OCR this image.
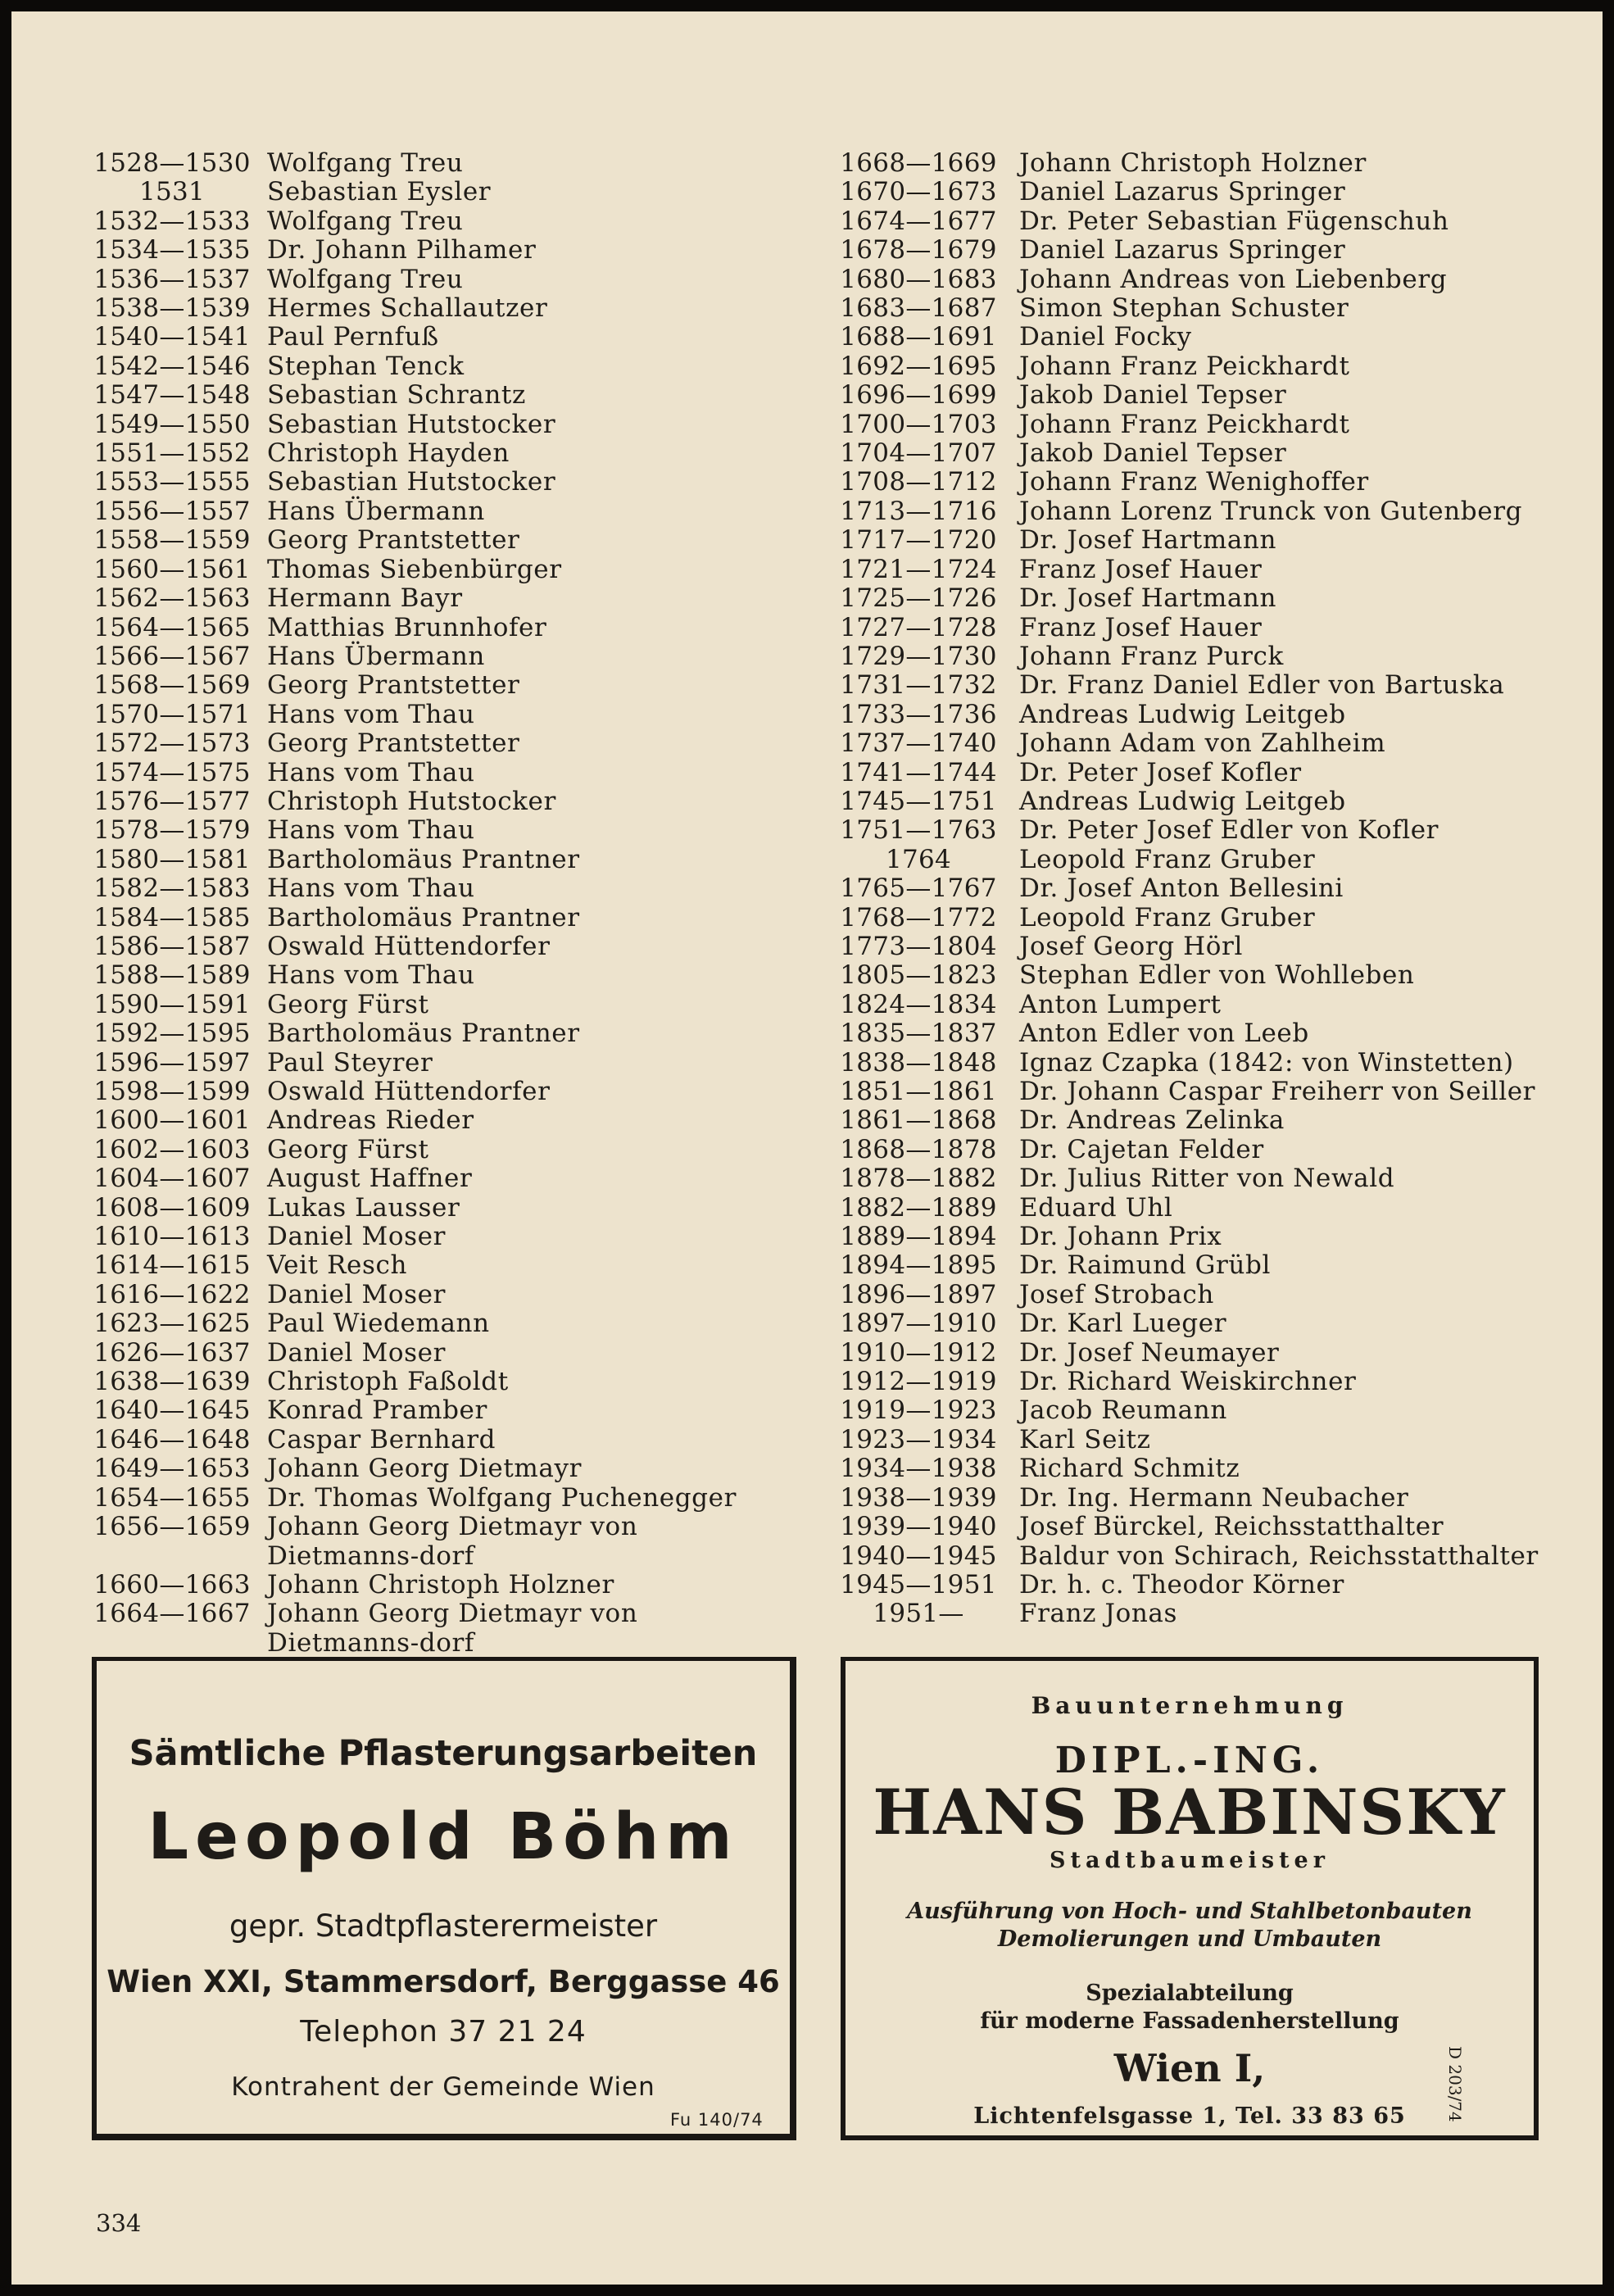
1528—1530 Wolfgang Treu
1531	Sebastian Eysler
1532—1533 Wolfgang Treu
1534—1535 Dr. Johann Pilhamer
1536—1537 Wolfgang Treu
1538—1539 Hermes Schallautzer
1540—1541 Paul Pernfuß
1542—1546 Stephan Tenck
1547—1548 Sebastian Schrantz
1549—1550 Sebastian Hutstocker
1551—1552 Christoph Hayden
1553—1555 Sebastian Hutstocker
1556—1557 Hans Übermann
1558—1559 Georg Prantstetter
1560—1561 Thomas Siebenbürger
1562—1563 Hermann Bayr
1564—1565 Matthias Brunnhofer
1566—1567 Hans Übermann
1568—1569 Georg Prantstetter
1570—1571 Hans vom Thau
1572—1573 Georg Prantstetter
1574—1575 Hans vom Thau
1576—1577 Christoph Hutstocker
1578—1579 Hans vom Thau
1580—1581 Bartholomäus Prantner
1582—1583 Hans vom Thau
1584—1585 Bartholomäus Prantner
1586—1587 Oswald Hüttendorfer
1588—1589 Hans vom Thau
1590—1591 Georg Fürst
1592—1595 Bartholomäus Prantner
1596—1597 Paul Steyrer
1598—1599 Oswald Hüttendorfer
1600—1601 Andreas Rieder
1602—1603 Georg Fürst
1604—1607 August Haffner
1608—1609 Lukas Lausser
1610—1613 Daniel Moser
1614—1615 Veit Resch
1616—1622 Daniel Moser
1623—1625 Paul Wiedemann
1626—1637 Daniel Moser
1638—1639 Christoph Faßoldt
1640—1645 Konrad Pramber
1646—1648 Caspar Bernhard
1649—1653 Johann Georg Dietmayr
1654—1655 Dr. Thomas Wolfgang Puchenegger
1656—1659 Johann Georg Dietmayr von Dietmanns-dorf
1660—1663 Johann Christoph Holzner
1664—1667 Johann Georg Dietmayr von Dietmanns-dorf
1668—1669 Johann Christoph Holzner
1670—1673 Daniel Lazarus Springer
1674—1677 Dr. Peter Sebastian Fügenschuh
1678—1679 Daniel Lazarus Springer
1680—1683 Johann Andreas von Liebenberg
1683—1687 Simon Stephan Schuster
1688—1691 Daniel Focky
1692—1695 Johann Franz Peickhardt
1696—1699 Jakob Daniel Tepser
1700—1703 Johann Franz Peickhardt
1704—1707 Jakob Daniel Tepser
1708—1712 Johann Franz Wenighoffer
1713—1716 Johann Lorenz Trunck von Gutenberg
1717—1720 Dr. Josef Hartmann
1721—1724 Franz Josef Hauer
1725—1726 Dr. Josef Hartmann
1727—1728 Franz Josef Hauer
1729—1730 Johann Franz Purck
1731—1732 Dr. Franz Daniel Edler von Bartuska
1733—1736 Andreas Ludwig Leitgeb
1737—1740 Johann Adam von Zahlheim
1741—1744 Dr. Peter Josef Kofler
1745—1751 Andreas Ludwig Leitgeb
1751—1763 Dr. Peter Josef Edler von Kofler
1764	Leopold Franz Gruber
1765—1767 Dr. Josef Anton Bellesini
1768—1772 Leopold Franz Gruber
1773—1804 Josef Georg Hörl
1805—1823 Stephan Edler von Wohlleben
1824—1834 Anton Lumpert
1835—1837 Anton Edler von Leeb
1838—1848 Ignaz Czapka (1842: von Winstetten)
1851—1861 Dr. Johann Caspar Freiherr von Seiller
1861—1868 Dr. Andreas Zelinka
1868—1878 Dr. Cajetan Felder
1878—1882 Dr. Julius Ritter von Newald
1882—1889 Eduard Uhl
1889—1894 Dr. Johann Prix
1894—1895 Dr. Raimund Grübl
1896—1897 Josef Strobach
1897—1910 Dr. Karl Lueger
1910—1912 Dr. Josef Neumayer
1912—1919 Dr. Richard Weiskirchner
1919—1923 Jacob Reumann
1923—1934 Karl Seitz
1934—1938 Richard Schmitz
1938—1939 Dr. Ing. Hermann Neubacher
1939—1940 Josef Bürckel, Reichsstatthalter
1940—1945 Baldur von Schirach, Reichsstatthalter
1945—1951 Dr. h. c. Theodor Körner
1951—	Franz Jonas
Sämtliche Pflasterungsarbeiten
Leopold Böhm
gepr. Stadtpflasterermeister
Wien XXI, Stammersdorf, Berggasse 46
Telephon 37 21 24
Kontrahent der Gemeinde Wien
Fu 140/74
Bauunternehmung
DIPL.-ING.
HANS BABINSKY
Stadtbaumeister
Ausführung von Hoch- und Stahlbetonbauten
Demolierungen und Umbauten
Spezialabteilung
für moderne Fassadenherstellung
Wien I,
Lichtenfelsgasse 1, Tel. 33 83 65	D 203/74
334
